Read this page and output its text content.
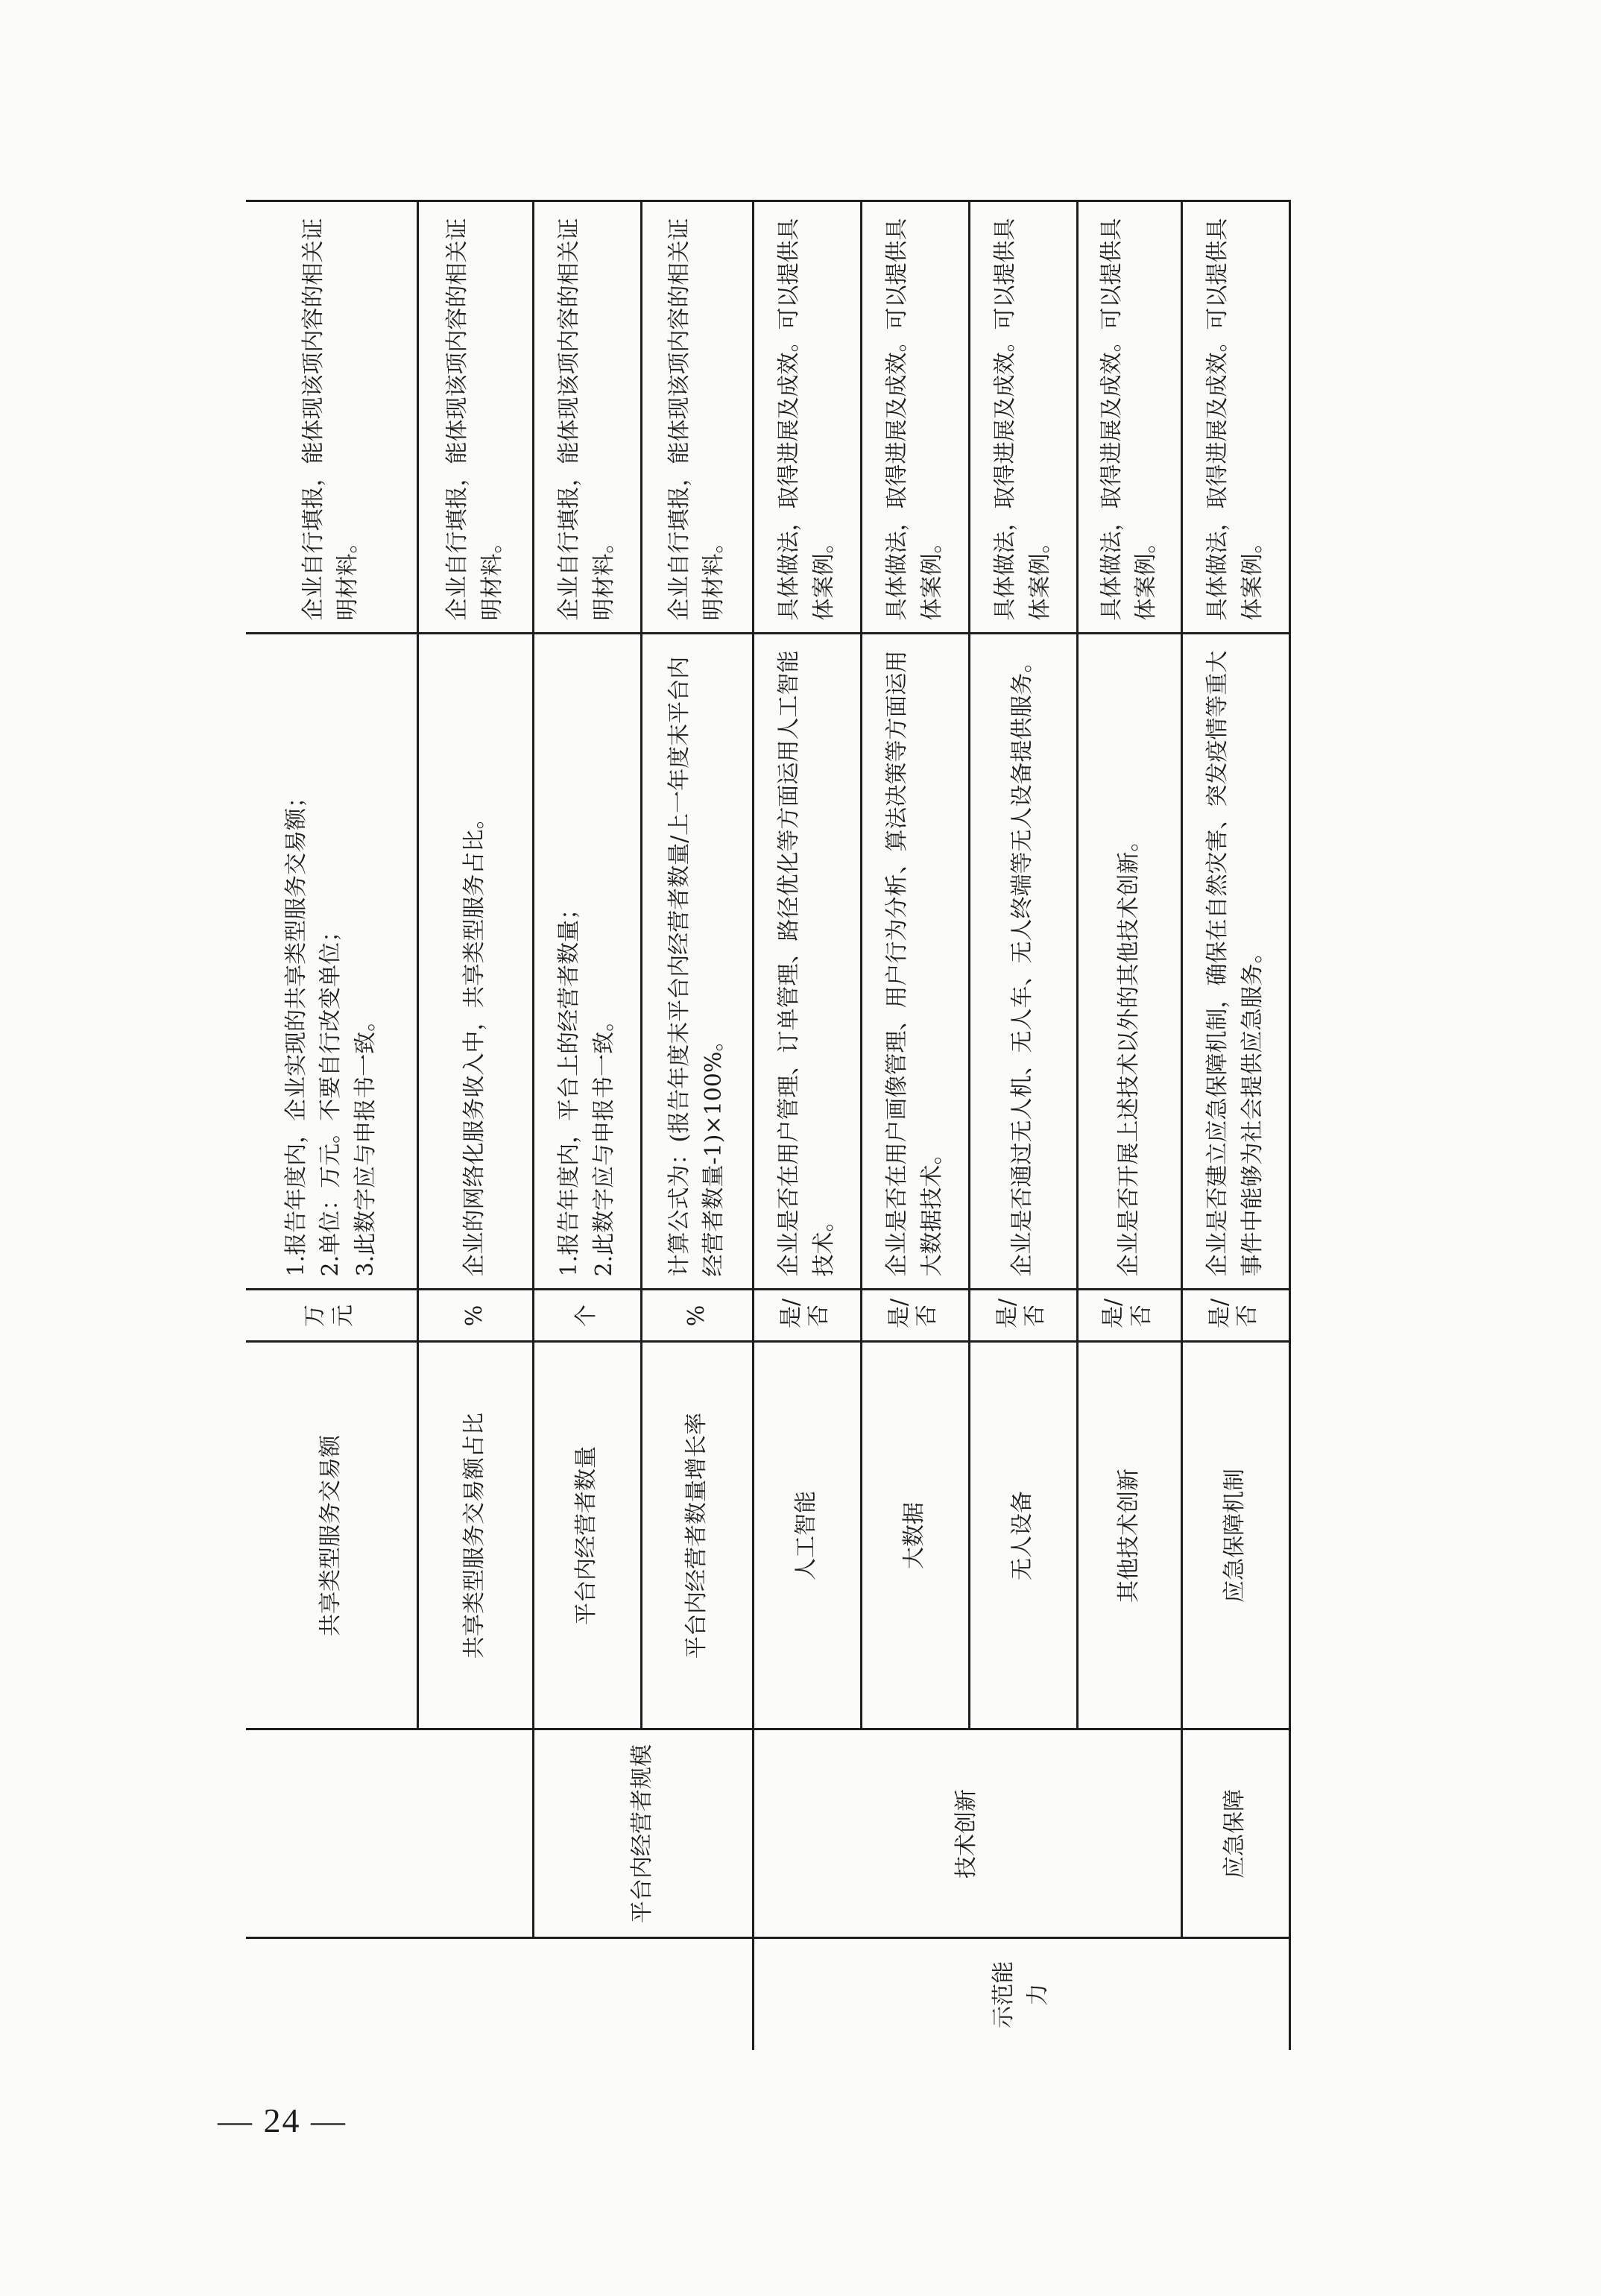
		共享类型服务交易额	万元	1.报告年度内，企业实现的共享类型服务交易额； 2.单位：万元。不要自行改变单位； 3.此数字应与申报书一致。	企业自行填报，能体现该项内容的相关证明材料。

		共享类型服务交易额占比	%	企业的网络化服务收入中，共享类型服务占比。	企业自行填报，能体现该项内容的相关证明材料。

	平台内经营者规模	平台内经营者数量	个	1.报告年度内，平台上的经营者数量； 2.此数字应与申报书一致。	企业自行填报，能体现该项内容的相关证明材料。

		平台内经营者数量增长率	%	计算公式为：(报告年度末平台内经营者数量/上一年度末平台内经营者数量-1)×100%。	企业自行填报，能体现该项内容的相关证明材料。

示范能力	技术创新	人工智能	是/否	企业是否在用户管理、订单管理、路径优化等方面运用人工智能技术。	具体做法，取得进展及成效。可以提供具体案例。

		大数据	是/否	企业是否在用户画像管理、用户行为分析、算法决策等方面运用大数据技术。	具体做法，取得进展及成效。可以提供具体案例。

		无人设备	是/否	企业是否通过无人机、无人车、无人终端等无人设备提供服务。	具体做法，取得进展及成效。可以提供具体案例。

		其他技术创新	是/否	企业是否开展上述技术以外的其他技术创新。	具体做法，取得进展及成效。可以提供具体案例。

	应急保障	应急保障机制	是/否	企业是否建立应急保障机制，确保在自然灾害、突发疫情等重大事件中能够为社会提供应急服务。	具体做法，取得进展及成效。可以提供具体案例。
— 24 —
